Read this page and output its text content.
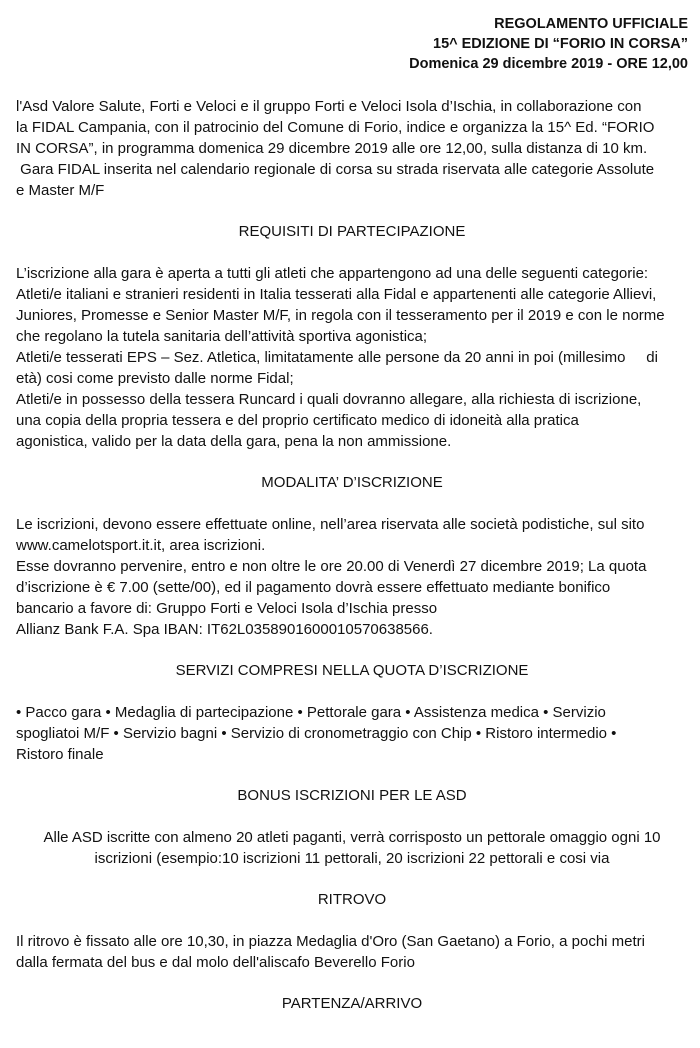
REGOLAMENTO UFFICIALE
15^ EDIZIONE DI “FORIO IN CORSA”
Domenica 29 dicembre 2019 - ORE 12,00

l'Asd Valore Salute, Forti e Veloci e il gruppo Forti e Veloci Isola d’Ischia, in collaborazione con
la FIDAL Campania, con il patrocinio del Comune di Forio, indice e organizza la 15^ Ed. “FORIO
IN CORSA”, in programma domenica 29 dicembre 2019 alle ore 12,00, sulla distanza di 10 km.
Gara FIDAL inserita nel calendario regionale di corsa su strada riservata alle categorie Assolute
e Master M/F

REQUISITI DI PARTECIPAZIONE

L’iscrizione alla gara è aperta a tutti gli atleti che appartengono ad una delle seguenti categorie:
Atleti/e italiani e stranieri residenti in Italia tesserati alla Fidal e appartenenti alle categorie Allievi,
Juniores, Promesse e Senior Master M/F, in regola con il tesseramento per il 2019 e con le norme
che regolano la tutela sanitaria dell’attività sportiva agonistica;
Atleti/e tesserati EPS – Sez. Atletica, limitatamente alle persone da 20 anni in poi (millesimo     di
età) cosi come previsto dalle norme Fidal;
Atleti/e in possesso della tessera Runcard i quali dovranno allegare, alla richiesta di iscrizione,
una copia della propria tessera e del proprio certificato medico di idoneità alla pratica
agonistica, valido per la data della gara, pena la non ammissione.

MODALITA’ D’ISCRIZIONE

Le iscrizioni, devono essere effettuate online, nell’area riservata alle società podistiche, sul sito
www.camelotsport.it.it, area iscrizioni.
Esse dovranno pervenire, entro e non oltre le ore 20.00 di Venerdì 27 dicembre 2019; La quota
d’iscrizione è € 7.00 (sette/00), ed il pagamento dovrà essere effettuato mediante bonifico
bancario a favore di: Gruppo Forti e Veloci Isola d’Ischia presso
Allianz Bank F.A. Spa IBAN: IT62L0358901600010570638566.

SERVIZI COMPRESI NELLA QUOTA D’ISCRIZIONE

• Pacco gara • Medaglia di partecipazione • Pettorale gara • Assistenza medica • Servizio
spogliatoi M/F • Servizio bagni • Servizio di cronometraggio con Chip • Ristoro intermedio •
Ristoro finale

BONUS ISCRIZIONI PER LE ASD

Alle ASD iscritte con almeno 20 atleti paganti, verrà corrisposto un pettorale omaggio ogni 10
iscrizioni (esempio:10 iscrizioni 11 pettorali, 20 iscrizioni 22 pettorali e cosi via

RITROVO

Il ritrovo è fissato alle ore 10,30, in piazza Medaglia d'Oro (San Gaetano) a Forio, a pochi metri
dalla fermata del bus e dal molo dell'aliscafo Beverello Forio

PARTENZA/ARRIVO
